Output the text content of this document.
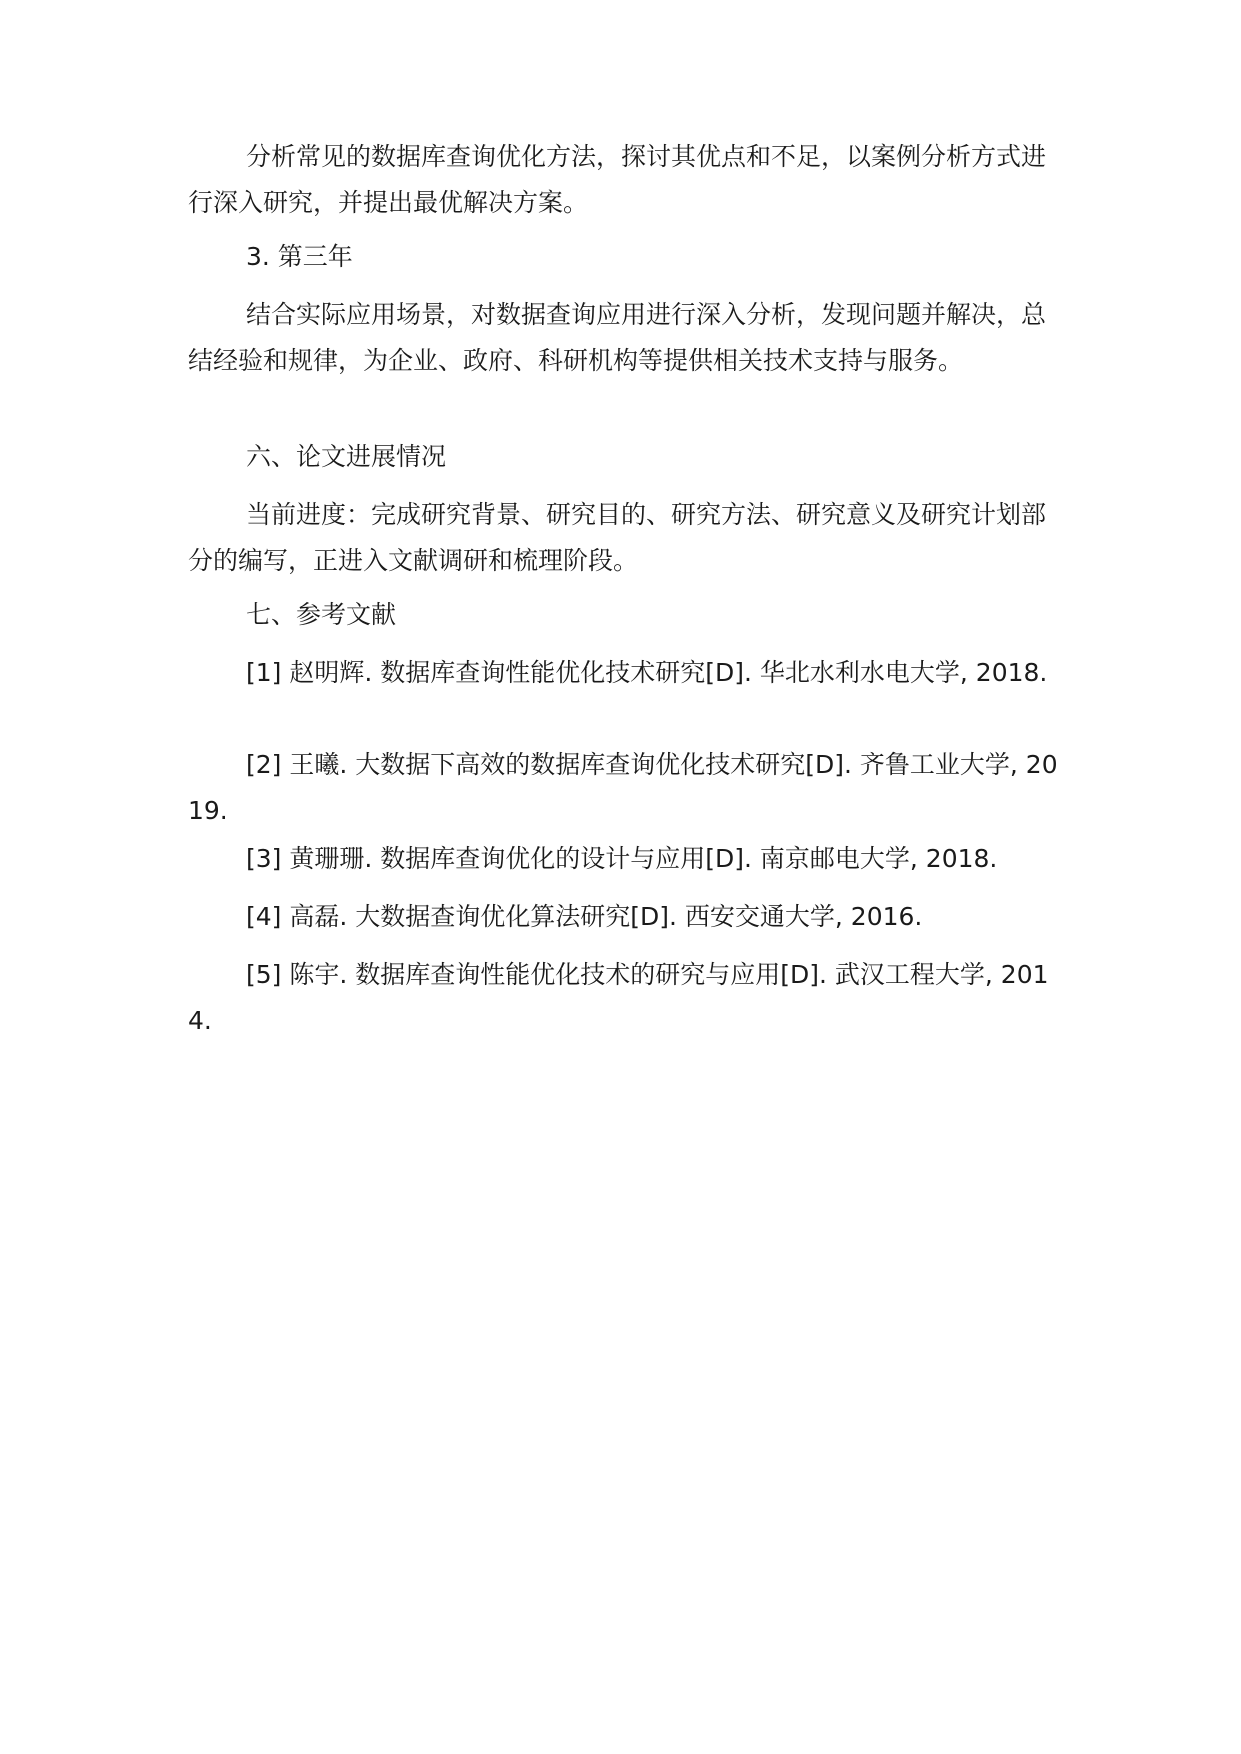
分析常见的数据库查询优化方法，探讨其优点和不足，以案例分析方式进行深入研究，并提出最优解决方案。

3. 第三年

结合实际应用场景，对数据查询应用进行深入分析，发现问题并解决，总结经验和规律，为企业、政府、科研机构等提供相关技术支持与服务。

六、论文进展情况

当前进度：完成研究背景、研究目的、研究方法、研究意义及研究计划部分的编写，正进入文献调研和梳理阶段。

七、参考文献

[1] 赵明辉. 数据库查询性能优化技术研究[D]. 华北水利水电大学, 2018.

[2] 王曦. 大数据下高效的数据库查询优化技术研究[D]. 齐鲁工业大学, 2019.

[3] 黄珊珊. 数据库查询优化的设计与应用[D]. 南京邮电大学, 2018.

[4] 高磊. 大数据查询优化算法研究[D]. 西安交通大学, 2016.

[5] 陈宇. 数据库查询性能优化技术的研究与应用[D]. 武汉工程大学, 2014.
